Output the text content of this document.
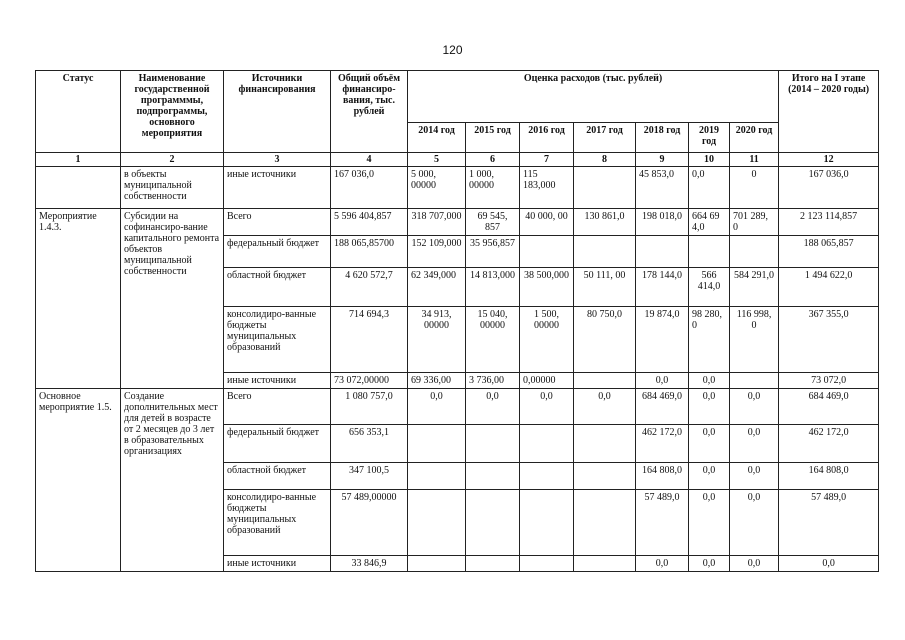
120
Статус	Наименование государственной программмы, подпрограммы, основного мероприятия	Источники финансирования	Общий объём финансиро-вания, тыс. рублей	Оценка расходов (тыс. рублей)							Итого на I этапе (2014 – 2020 годы)
				2014 год	2015 год	2016 год	2017 год	2018 год	2019 год	2020 год	
1	2	3	4	5	6	7	8	9	10	11	12
	в объекты муниципальной собственности	иные источники	167 036,0	5 000, 00000	1 000, 00000	115 183,000		45 853,0	0,0	0	167 036,0
Мероприятие 1.4.3.	Субсидии на софинансиро-вание капитального ремонта объектов муниципальной собственности	Всего	5 596 404,857	318 707,000	69 545, 857	40 000, 00	130 861,0	198 018,0	664 69 4,0	701 289, 0	2 123 114,857
		федеральный бюджет	188 065,85700	152 109,000	35 956,857						188 065,857
		областной бюджет	4 620 572,7	62 349,000	14 813,000	38 500,000	50 111, 00	178 144,0	566 414,0	584 291,0	1 494 622,0
		консолидиро-ванные бюджеты муниципальных образований	714 694,3	34 913, 00000	15 040, 00000	1 500, 00000	80 750,0	19 874,0	98 280, 0	116 998, 0	367 355,0
		иные источники	73 072,00000	69 336,00	3 736,00	0,00000		0,0	0,0		73 072,0
Основное мероприятие 1.5.	Создание дополнительных мест для детей в возрасте от 2 месяцев до 3 лет в образовательных организациях	Всего	1 080 757,0	0,0	0,0	0,0	0,0	684 469,0	0,0	0,0	684 469,0
		федеральный бюджет	656 353,1					462 172,0	0,0	0,0	462 172,0
		областной бюджет	347 100,5					164 808,0	0,0	0,0	164 808,0
		консолидиро-ванные бюджеты муниципальных образований	57 489,00000					57 489,0	0,0	0,0	57 489,0
		иные источники	33 846,9					0,0	0,0	0,0	0,0
